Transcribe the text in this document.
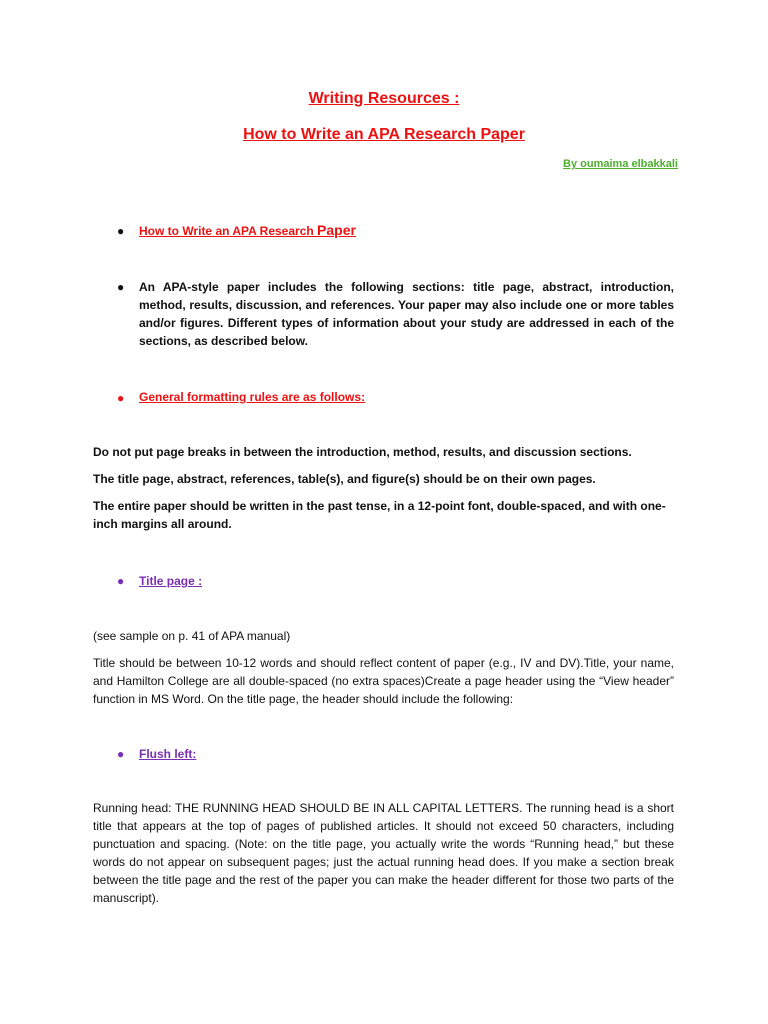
Writing Resources :
How to Write an APA Research Paper
By oumaima elbakkali
● How to Write an APA Research Paper
● An APA-style paper includes the following sections: title page, abstract, introduction, method, results, discussion, and references. Your paper may also include one or more tables and/or figures. Different types of information about your study are addressed in each of the sections, as described below.
● General formatting rules are as follows:
Do not put page breaks in between the introduction, method, results, and discussion sections.
The title page, abstract, references, table(s), and figure(s) should be on their own pages.
The entire paper should be written in the past tense, in a 12-point font, double-spaced, and with one-inch margins all around.
● Title page :
(see sample on p. 41 of APA manual)
Title should be between 10-12 words and should reflect content of paper (e.g., IV and DV).Title, your name, and Hamilton College are all double-spaced (no extra spaces)Create a page header using the “View header” function in MS Word. On the title page, the header should include the following:
● Flush left:
Running head: THE RUNNING HEAD SHOULD BE IN ALL CAPITAL LETTERS. The running head is a short title that appears at the top of pages of published articles. It should not exceed 50 characters, including punctuation and spacing. (Note: on the title page, you actually write the words “Running head,” but these words do not appear on subsequent pages; just the actual running head does. If you make a section break between the title page and the rest of the paper you can make the header different for those two parts of the manuscript).
